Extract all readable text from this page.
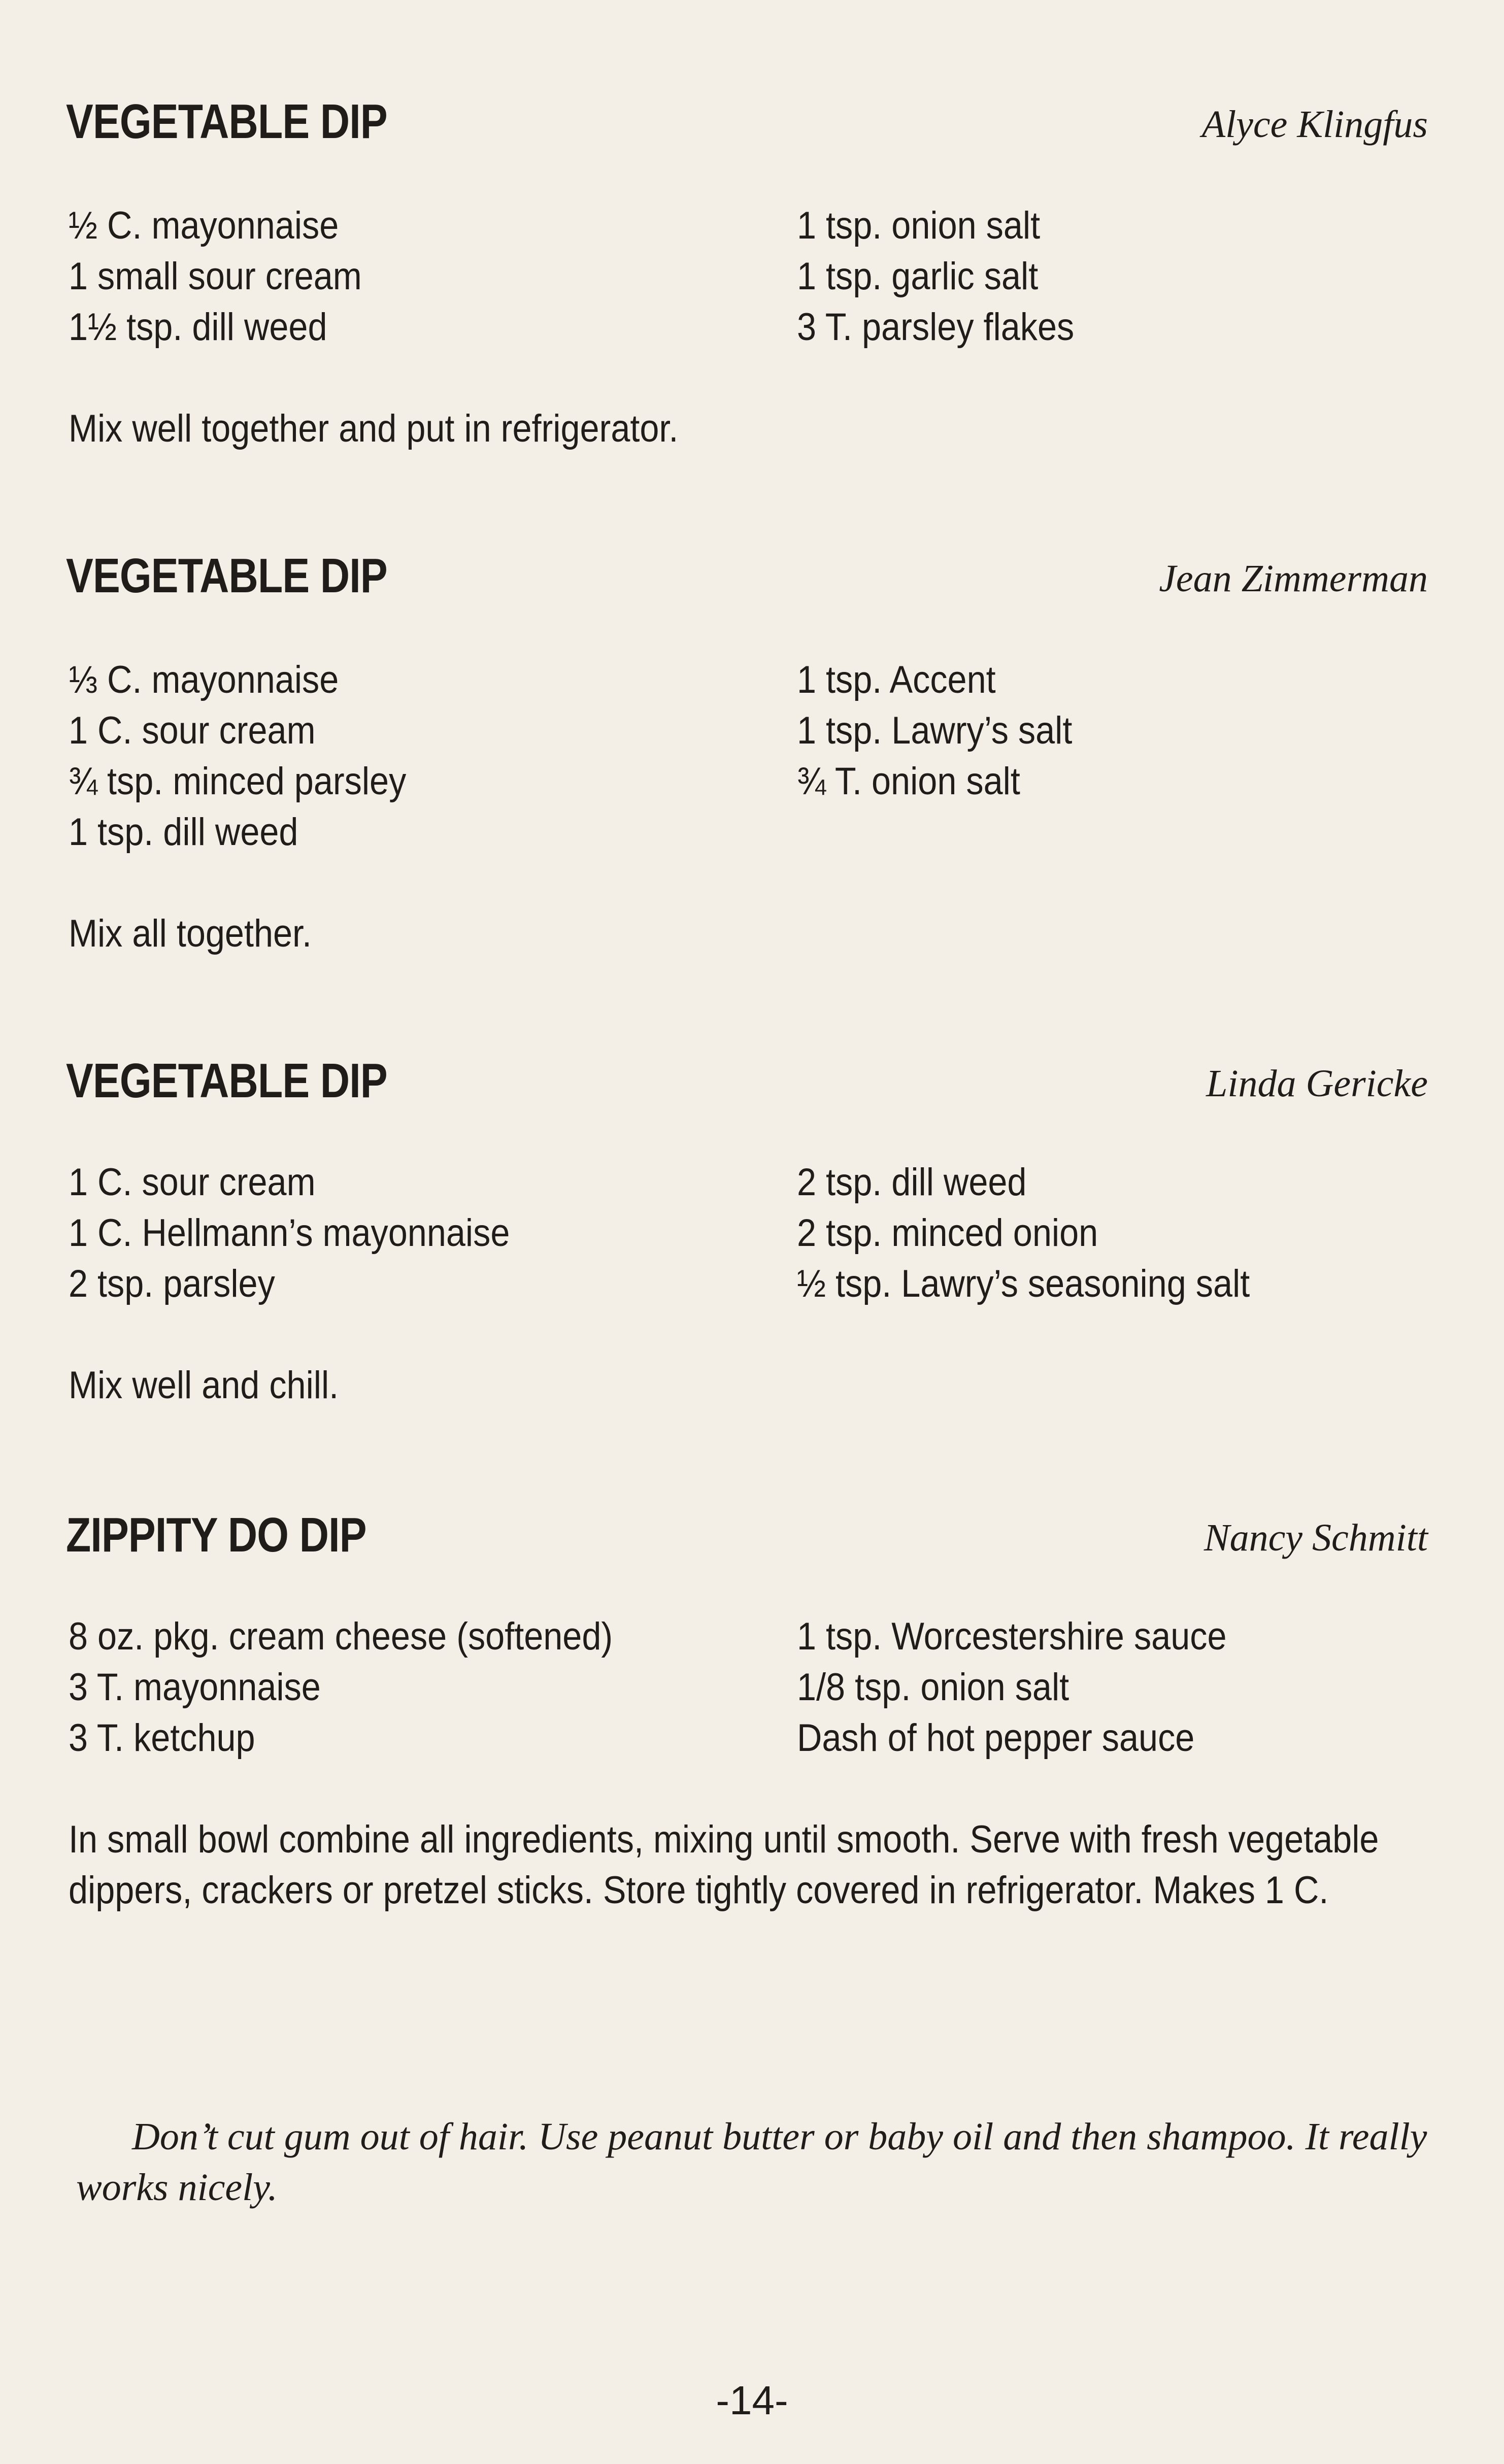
VEGETABLE DIP	Alyce Klingfus
½ C. mayonnaise
1 small sour cream
1½ tsp. dill weed
1 tsp. onion salt
1 tsp. garlic salt
3 T. parsley flakes

Mix well together and put in refrigerator.

VEGETABLE DIP	Jean Zimmerman
⅓ C. mayonnaise
1 C. sour cream
¾ tsp. minced parsley
1 tsp. dill weed
1 tsp. Accent
1 tsp. Lawry’s salt
¾ T. onion salt

Mix all together.

VEGETABLE DIP	Linda Gericke
1 C. sour cream
1 C. Hellmann’s mayonnaise
2 tsp. parsley
2 tsp. dill weed
2 tsp. minced onion
½ tsp. Lawry’s seasoning salt

Mix well and chill.

ZIPPITY DO DIP	Nancy Schmitt
8 oz. pkg. cream cheese (softened)
3 T. mayonnaise
3 T. ketchup
1 tsp. Worcestershire sauce
1/8 tsp. onion salt
Dash of hot pepper sauce

In small bowl combine all ingredients, mixing until smooth. Serve with fresh vegetable

dippers, crackers or pretzel sticks. Store tightly covered in refrigerator. Makes 1 C.

Don’t cut gum out of hair. Use peanut butter or baby oil and then shampoo. It really works nicely.

-14-
